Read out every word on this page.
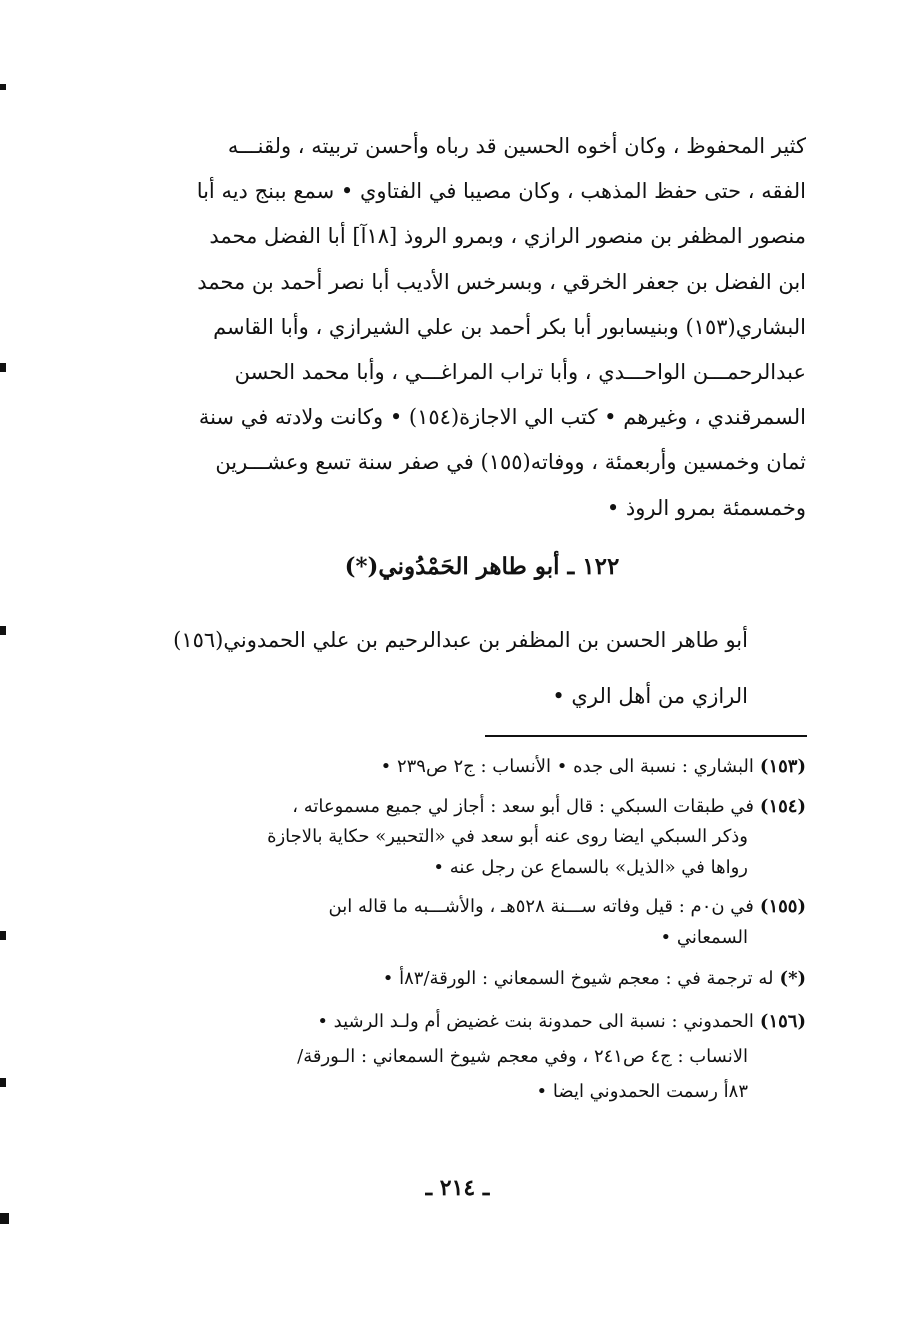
كثير المحفوظ ، وكان أخوه الحسين قد رباه وأحسن تربيته ، ولقنـــه
الفقه ، حتى حفظ المذهب ، وكان مصيبا في الفتاوي • سمع ببنج ديه أبا
منصور المظفر بن منصور الرازي ، وبمرو الروذ [١٨آ] أبا الفضل محمد
ابن الفضل بن جعفر الخرقي ، وبسرخس الأديب أبا نصر أحمد بن محمد
البشاري(١٥٣) وبنيسابور أبا بكر أحمد بن علي الشيرازي ، وأبا القاسم
عبدالرحمـــن الواحـــدي ، وأبا تراب المراغـــي ، وأبا محمد الحسن
السمرقندي ، وغيرهم • كتب الي الاجازة(١٥٤) • وكانت ولادته في سنة
ثمان وخمسين وأربعمئة ، ووفاته(١٥٥) في صفر سنة تسع وعشـــرين
وخمسمئة بمرو الروذ •
١٢٢ ـ أبو طاهر الحَمْدُوني(*)
أبو طاهر الحسن بن المظفر بن عبدالرحيم بن علي الحمدوني(١٥٦)
الرازي من أهل الري •
(١٥٣)البشاري : نسبة الى جده • الأنساب : ج٢ ص٢٣٩ •
(١٥٤)في طبقات السبكي : قال أبو سعد : أجاز لي جميع مسموعاته ،
وذكر السبكي ايضا روى عنه أبو سعد في «التحبير» حكاية بالاجازة
رواها في «الذيل» بالسماع عن رجل عنه •
(١٥٥)في ن٠م : قيل وفاته ســـنة ٥٢٨هـ ، والأشـــبه ما قاله ابن
السمعاني •
(*)له ترجمة في : معجم شيوخ السمعاني : الورقة/٨٣أ •
(١٥٦)الحمدوني : نسبة الى حمدونة بنت غضيض أم ولـد الرشيد •
الانساب : ج٤ ص٢٤١ ، وفي معجم شيوخ السمعاني : الـورقة/
٨٣أ رسمت الحمدوني ايضا •
ـ ٢١٤ ـ
